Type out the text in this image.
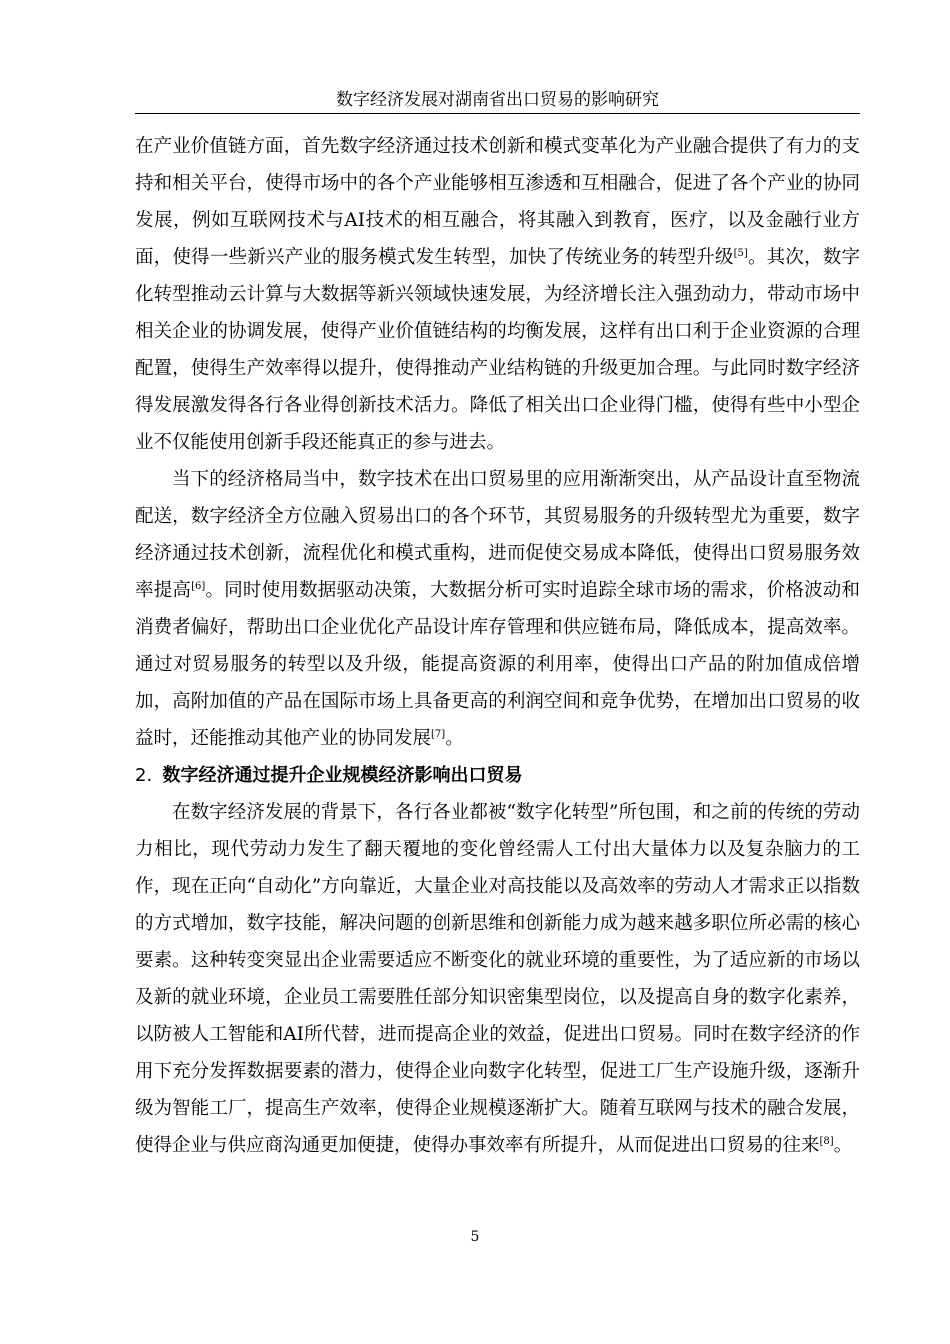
数字经济发展对湖南省出口贸易的影响研究

在产业价值链方面，首先数字经济通过技术创新和模式变革化为产业融合提供了有力的支持和相关平台，使得市场中的各个产业能够相互渗透和互相融合，促进了各个产业的协同发展，例如互联网技术与AI技术的相互融合，将其融入到教育，医疗，以及金融行业方面，使得一些新兴产业的服务模式发生转型，加快了传统业务的转型升级[5]。其次，数字化转型推动云计算与大数据等新兴领域快速发展，为经济增长注入强劲动力，带动市场中相关企业的协调发展，使得产业价值链结构的均衡发展，这样有出口利于企业资源的合理配置，使得生产效率得以提升，使得推动产业结构链的升级更加合理。与此同时数字经济得发展激发得各行各业得创新技术活力。降低了相关出口企业得门槛，使得有些中小型企业不仅能使用创新手段还能真正的参与进去。

当下的经济格局当中，数字技术在出口贸易里的应用渐渐突出，从产品设计直至物流配送，数字经济全方位融入贸易出口的各个环节，其贸易服务的升级转型尤为重要，数字经济通过技术创新，流程优化和模式重构，进而促使交易成本降低，使得出口贸易服务效率提高[6]。同时使用数据驱动决策，大数据分析可实时追踪全球市场的需求，价格波动和消费者偏好，帮助出口企业优化产品设计库存管理和供应链布局，降低成本，提高效率。通过对贸易服务的转型以及升级，能提高资源的利用率，使得出口产品的附加值成倍增加，高附加值的产品在国际市场上具备更高的利润空间和竞争优势，在增加出口贸易的收益时，还能推动其他产业的协同发展[7]。

2. 数字经济通过提升企业规模经济影响出口贸易

在数字经济发展的背景下，各行各业都被“数字化转型”所包围，和之前的传统的劳动力相比，现代劳动力发生了翻天覆地的变化曾经需人工付出大量体力以及复杂脑力的工作，现在正向“自动化”方向靠近，大量企业对高技能以及高效率的劳动人才需求正以指数的方式增加，数字技能，解决问题的创新思维和创新能力成为越来越多职位所必需的核心要素。这种转变突显出企业需要适应不断变化的就业环境的重要性，为了适应新的市场以及新的就业环境，企业员工需要胜任部分知识密集型岗位，以及提高自身的数字化素养，以防被人工智能和AI所代替，进而提高企业的效益，促进出口贸易。同时在数字经济的作用下充分发挥数据要素的潜力，使得企业向数字化转型，促进工厂生产设施升级，逐渐升级为智能工厂，提高生产效率，使得企业规模逐渐扩大。随着互联网与技术的融合发展，使得企业与供应商沟通更加便捷，使得办事效率有所提升，从而促进出口贸易的往来[8]。

5
